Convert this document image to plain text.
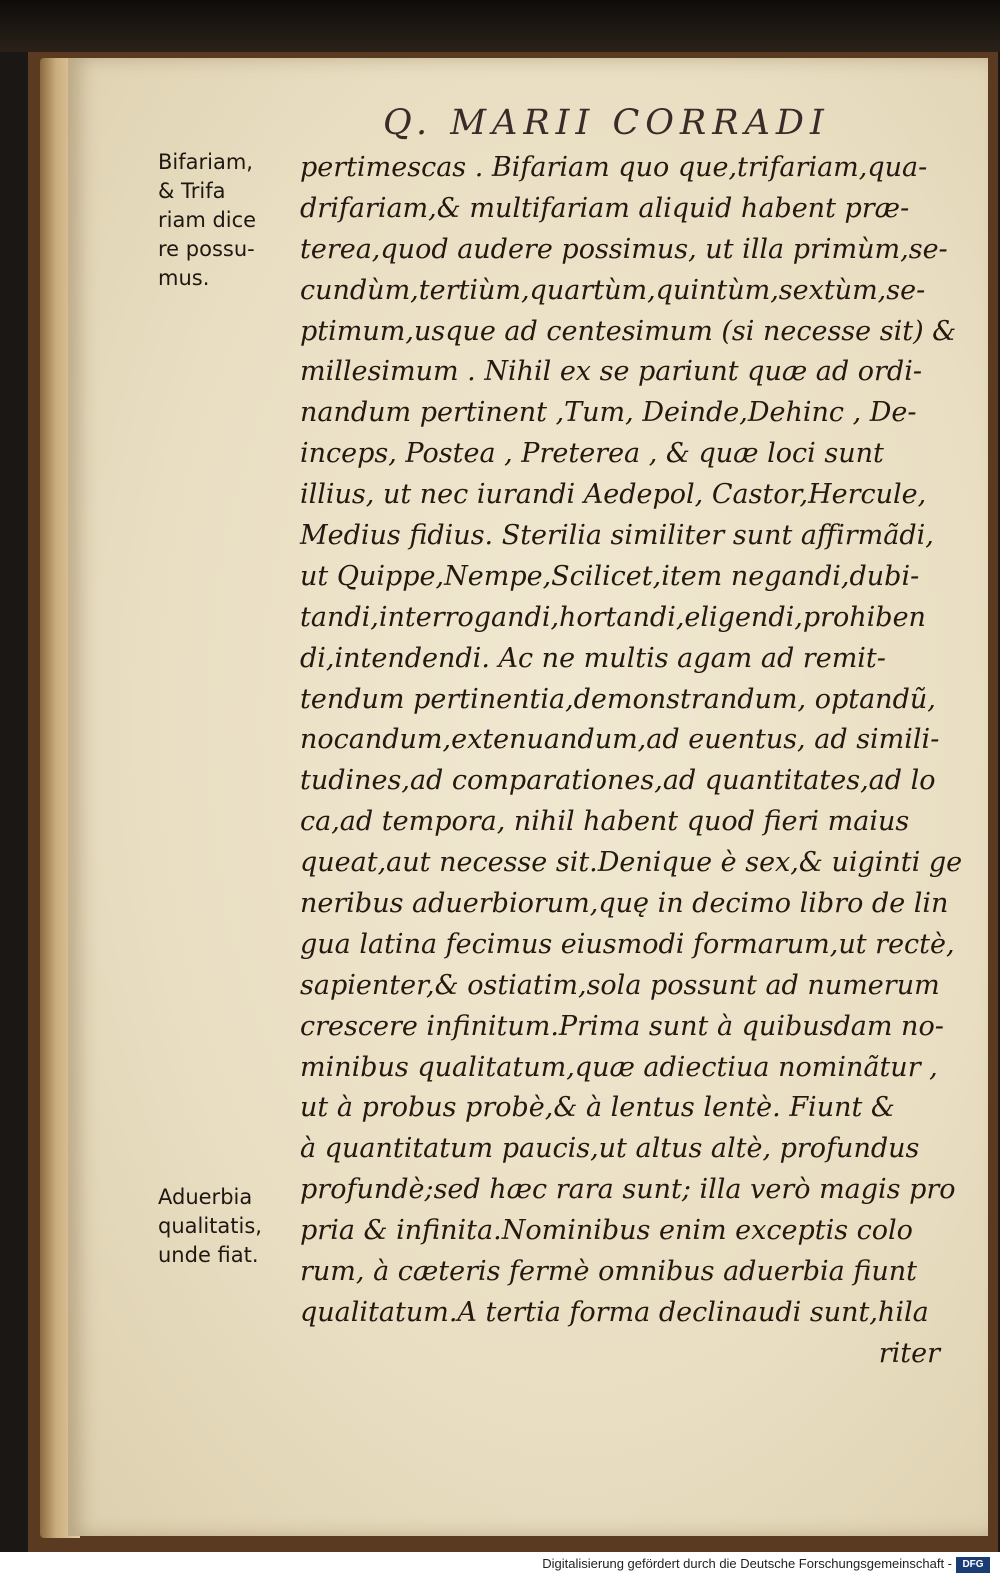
Q. MARII CORRADI
Bifariam,
& Trifa
riam dice
re possu-
mus.
Aduerbia
qualitatis,
unde fiat.
pertimescas . Bifariam quo que,trifariam,qua-
drifariam,& multifariam aliquid habent præ-
terea,quod audere possimus, ut illa primùm,se-
cundùm,tertiùm,quartùm,quintùm,sextùm,se-
ptimum,usque ad centesimum (si necesse sit) &
millesimum . Nihil ex se pariunt quæ ad ordi-
nandum pertinent ,Tum, Deinde,Dehinc , De-
inceps, Postea , Preterea , & quæ loci sunt
illius, ut nec iurandi Aedepol, Castor,Hercule,
Medius fidius. Sterilia similiter sunt affirmãdi,
ut Quippe,Nempe,Scilicet,item negandi,dubi-
tandi,interrogandi,hortandi,eligendi,prohiben
di,intendendi. Ac ne multis agam ad remit-
tendum pertinentia,demonstrandum, optandũ,
nocandum,extenuandum,ad euentus, ad simili-
tudines,ad comparationes,ad quantitates,ad lo
ca,ad tempora, nihil habent quod fieri maius
queat,aut necesse sit.Denique è sex,& uiginti ge
neribus aduerbiorum,quę in decimo libro de lin
gua latina fecimus eiusmodi formarum,ut rectè,
sapienter,& ostiatim,sola possunt ad numerum
crescere infinitum.Prima sunt à quibusdam no-
minibus qualitatum,quæ adiectiua nominãtur ,
ut à probus probè,& à lentus lentè. Fiunt &
à quantitatum paucis,ut altus altè, profundus
profundè;sed hæc rara sunt; illa verò magis pro
pria & infinita.Nominibus enim exceptis colo
rum, à cæteris fermè omnibus aduerbia fiunt
qualitatum.A tertia forma declinaudi sunt,hila
riter
Digitalisierung gefördert durch die Deutsche Forschungsgemeinschaft -	DFG
